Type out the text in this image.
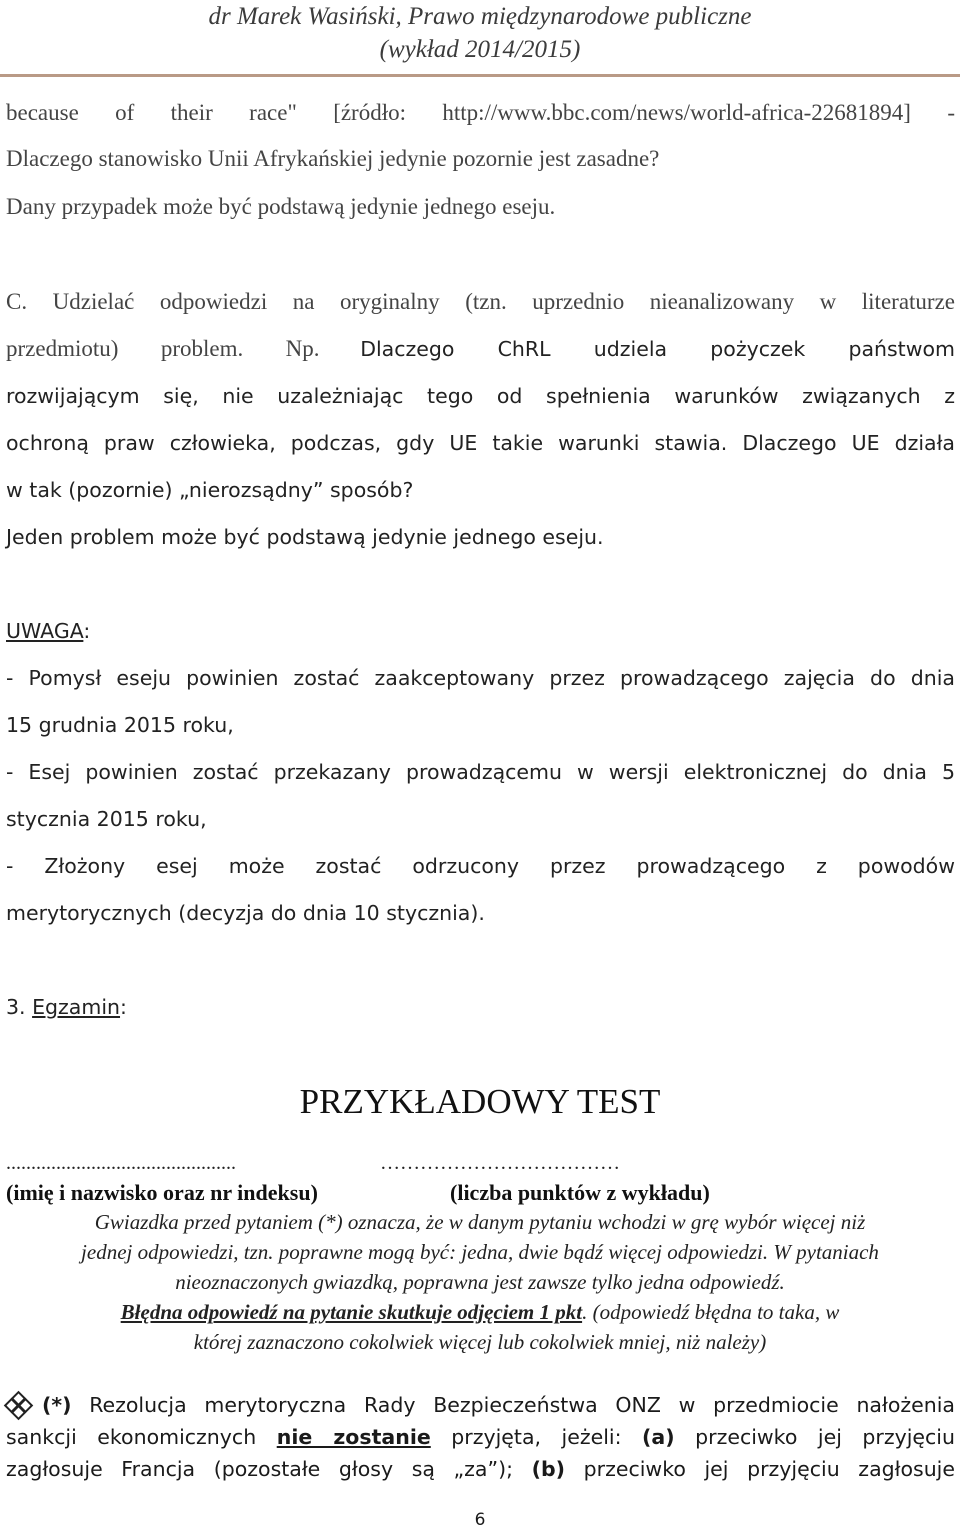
dr Marek Wasiński, Prawo międzynarodowe publiczne
(wykład 2014/2015)
because of their race" [źródło: http://www.bbc.com/news/world-africa-22681894] -
Dlaczego stanowisko Unii Afrykańskiej jedynie pozornie jest zasadne?
Dany przypadek może być podstawą jedynie jednego eseju.
C. Udzielać odpowiedzi na oryginalny (tzn. uprzednio nieanalizowany w literaturze
przedmiotu) problem. Np. Dlaczego ChRL udziela pożyczek państwom
rozwijającym się, nie uzależniając tego od spełnienia warunków związanych z
ochroną praw człowieka, podczas, gdy UE takie warunki stawia. Dlaczego UE działa
w tak (pozornie) „nierozsądny” sposób?
Jeden problem może być podstawą jedynie jednego eseju.
UWAGA:
- Pomysł eseju powinien zostać zaakceptowany przez prowadzącego zajęcia do dnia
15 grudnia 2015 roku,
- Esej powinien zostać przekazany prowadzącemu w wersji elektronicznej do dnia 5
stycznia 2015 roku,
- Złożony esej może zostać odrzucony przez prowadzącego z powodów
merytorycznych (decyzja do dnia 10 stycznia).
3. Egzamin:
PRZYKŁADOWY TEST
..............................................	………………………………
(imię i nazwisko oraz nr indeksu)	(liczba punktów z wykładu)
Gwiazdka przed pytaniem (*) oznacza, że w danym pytaniu wchodzi w grę wybór więcej niż
jednej odpowiedzi, tzn. poprawne mogą być: jedna, dwie bądź więcej odpowiedzi. W pytaniach
nieoznaczonych gwiazdką, poprawna jest zawsze tylko jedna odpowiedź.
Błędna odpowiedź na pytanie skutkuje odjęciem 1 pkt. (odpowiedź błędna to taka, w
której zaznaczono cokolwiek więcej lub cokolwiek mniej, niż należy)
(*) Rezolucja merytoryczna Rady Bezpieczeństwa ONZ w przedmiocie nałożenia
sankcji ekonomicznych nie zostanie przyjęta, jeżeli: (a) przeciwko jej przyjęciu
zagłosuje Francja (pozostałe głosy są „za”); (b) przeciwko jej przyjęciu zagłosuje
6
